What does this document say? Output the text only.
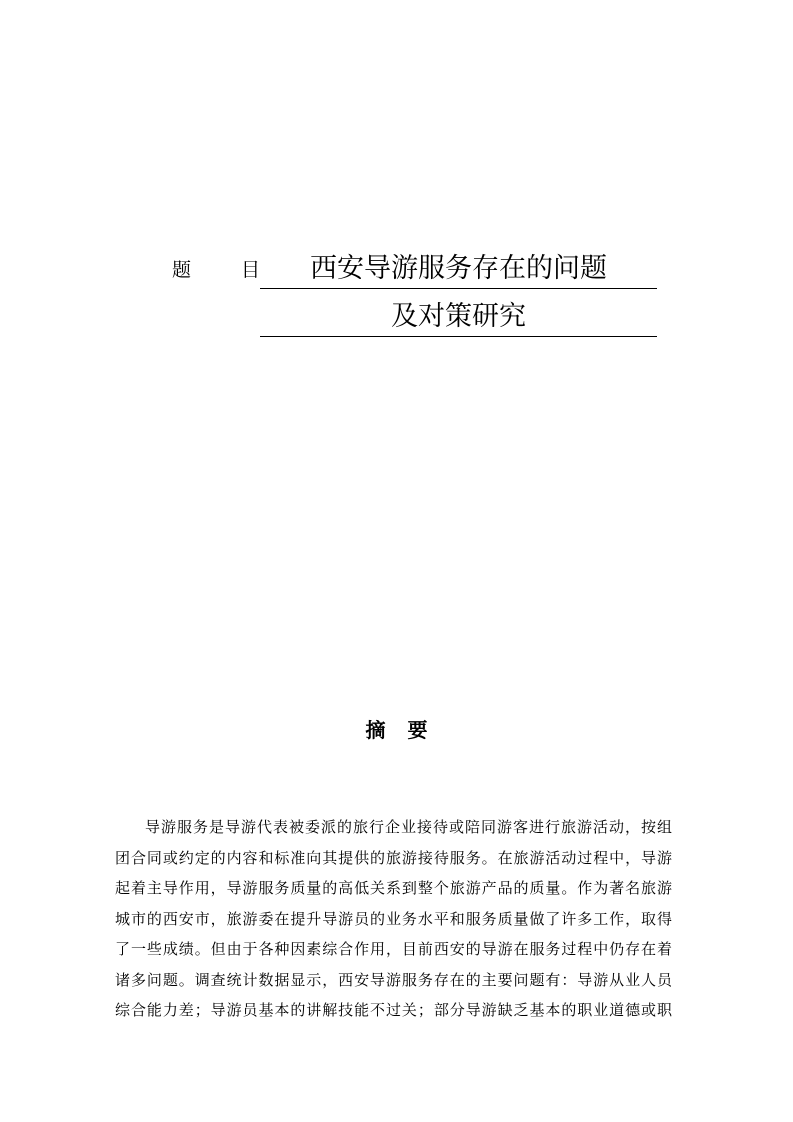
题	目	西安导游服务存在的问题
及对策研究
摘 要
导游服务是导游代表被委派的旅行企业接待或陪同游客进行旅游活动，按组
团合同或约定的内容和标准向其提供的旅游接待服务。在旅游活动过程中，导游
起着主导作用，导游服务质量的高低关系到整个旅游产品的质量。作为著名旅游
城市的西安市，旅游委在提升导游员的业务水平和服务质量做了许多工作，取得
了一些成绩。但由于各种因素综合作用，目前西安的导游在服务过程中仍存在着
诸多问题。调查统计数据显示，西安导游服务存在的主要问题有：导游从业人员
综合能力差；导游员基本的讲解技能不过关；部分导游缺乏基本的职业道德或职
